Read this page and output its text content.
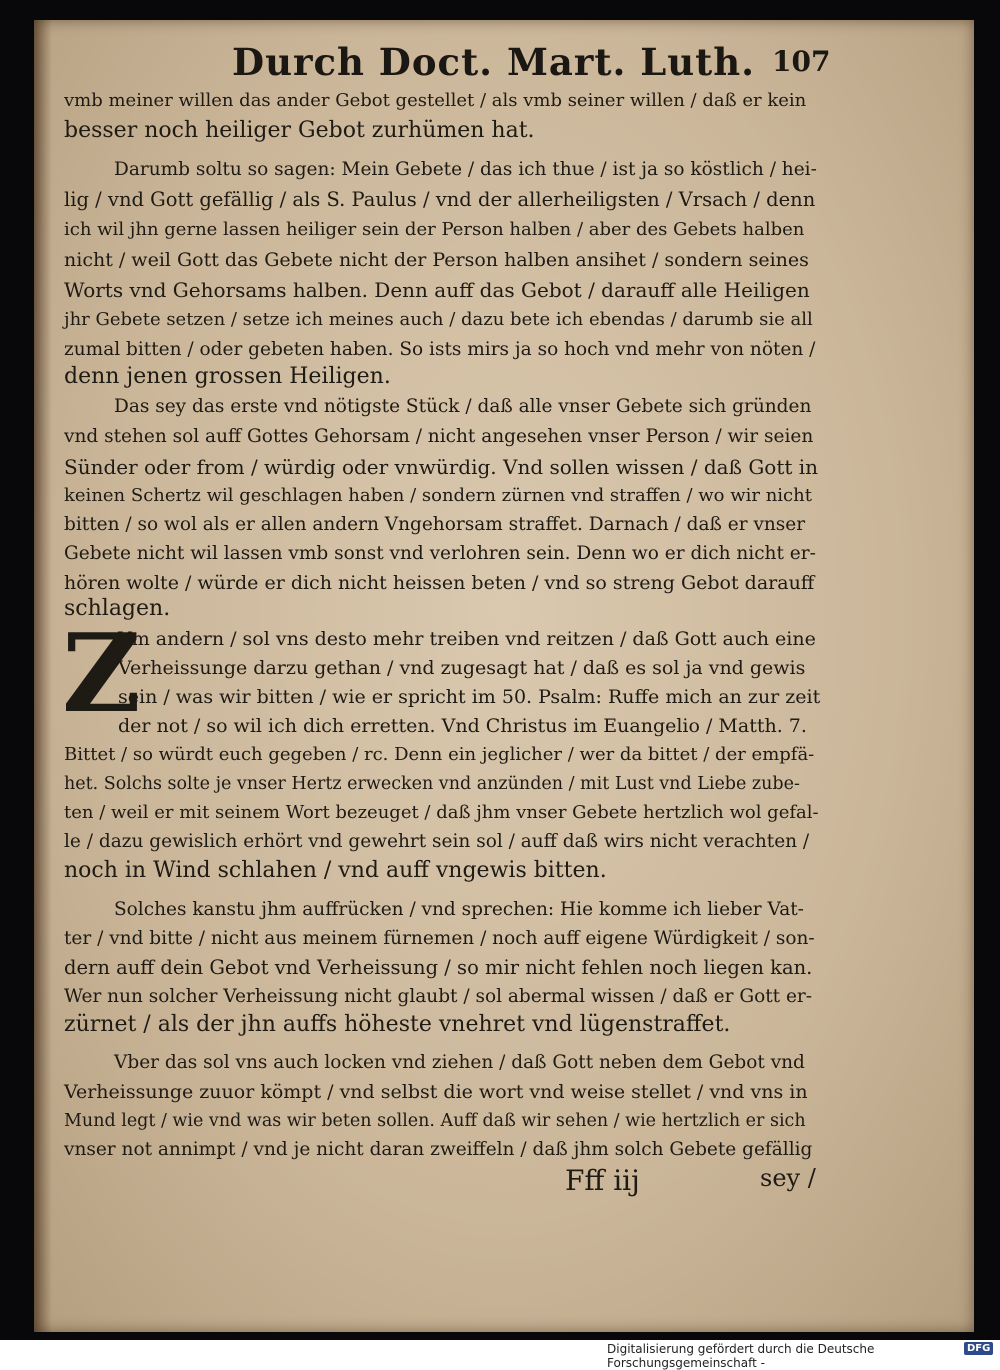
Durch Doct. Mart. Luth. 107
Z
vmb meiner willen das ander Gebot gestellet / als vmb seiner willen / daß er kein
besser noch heiliger Gebot zurhümen hat.
Darumb soltu so sagen: Mein Gebete / das ich thue / ist ja so köstlich / hei-
lig / vnd Gott gefällig / als S. Paulus / vnd der allerheiligsten / Vrsach / denn
ich wil jhn gerne lassen heiliger sein der Person halben / aber des Gebets halben
nicht / weil Gott das Gebete nicht der Person halben ansihet / sondern seines
Worts vnd Gehorsams halben. Denn auff das Gebot / darauff alle Heiligen
jhr Gebete setzen / setze ich meines auch / dazu bete ich ebendas / darumb sie all
zumal bitten / oder gebeten haben. So ists mirs ja so hoch vnd mehr von nöten /
denn jenen grossen Heiligen.
Das sey das erste vnd nötigste Stück / daß alle vnser Gebete sich gründen
vnd stehen sol auff Gottes Gehorsam / nicht angesehen vnser Person / wir seien
Sünder oder from / würdig oder vnwürdig. Vnd sollen wissen / daß Gott in
keinen Schertz wil geschlagen haben / sondern zürnen vnd straffen / wo wir nicht
bitten / so wol als er allen andern Vngehorsam straffet. Darnach / daß er vnser
Gebete nicht wil lassen vmb sonst vnd verlohren sein. Denn wo er dich nicht er-
hören wolte / würde er dich nicht heissen beten / vnd so streng Gebot darauff
schlagen.
Vm andern / sol vns desto mehr treiben vnd reitzen / daß Gott auch eine
Verheissunge darzu gethan / vnd zugesagt hat / daß es sol ja vnd gewis
sein / was wir bitten / wie er spricht im 50. Psalm: Ruffe mich an zur zeit
der not / so wil ich dich erretten. Vnd Christus im Euangelio / Matth. 7.
Bittet / so würdt euch gegeben / rc. Denn ein jeglicher / wer da bittet / der empfä-
het. Solchs solte je vnser Hertz erwecken vnd anzünden / mit Lust vnd Liebe zube-
ten / weil er mit seinem Wort bezeuget / daß jhm vnser Gebete hertzlich wol gefal-
le / dazu gewislich erhört vnd gewehrt sein sol / auff daß wirs nicht verachten /
noch in Wind schlahen / vnd auff vngewis bitten.
Solches kanstu jhm auffrücken / vnd sprechen: Hie komme ich lieber Vat-
ter / vnd bitte / nicht aus meinem fürnemen / noch auff eigene Würdigkeit / son-
dern auff dein Gebot vnd Verheissung / so mir nicht fehlen noch liegen kan.
Wer nun solcher Verheissung nicht glaubt / sol abermal wissen / daß er Gott er-
zürnet / als der jhn auffs höheste vnehret vnd lügenstraffet.
Vber das sol vns auch locken vnd ziehen / daß Gott neben dem Gebot vnd
Verheissunge zuuor kömpt / vnd selbst die wort vnd weise stellet / vnd vns in
Mund legt / wie vnd was wir beten sollen. Auff daß wir sehen / wie hertzlich er sich
vnser not annimpt / vnd je nicht daran zweiffeln / daß jhm solch Gebete gefällig
Fff iij	sey /
Digitalisierung gefördert durch die Deutsche Forschungsgemeinschaft -
DFG
